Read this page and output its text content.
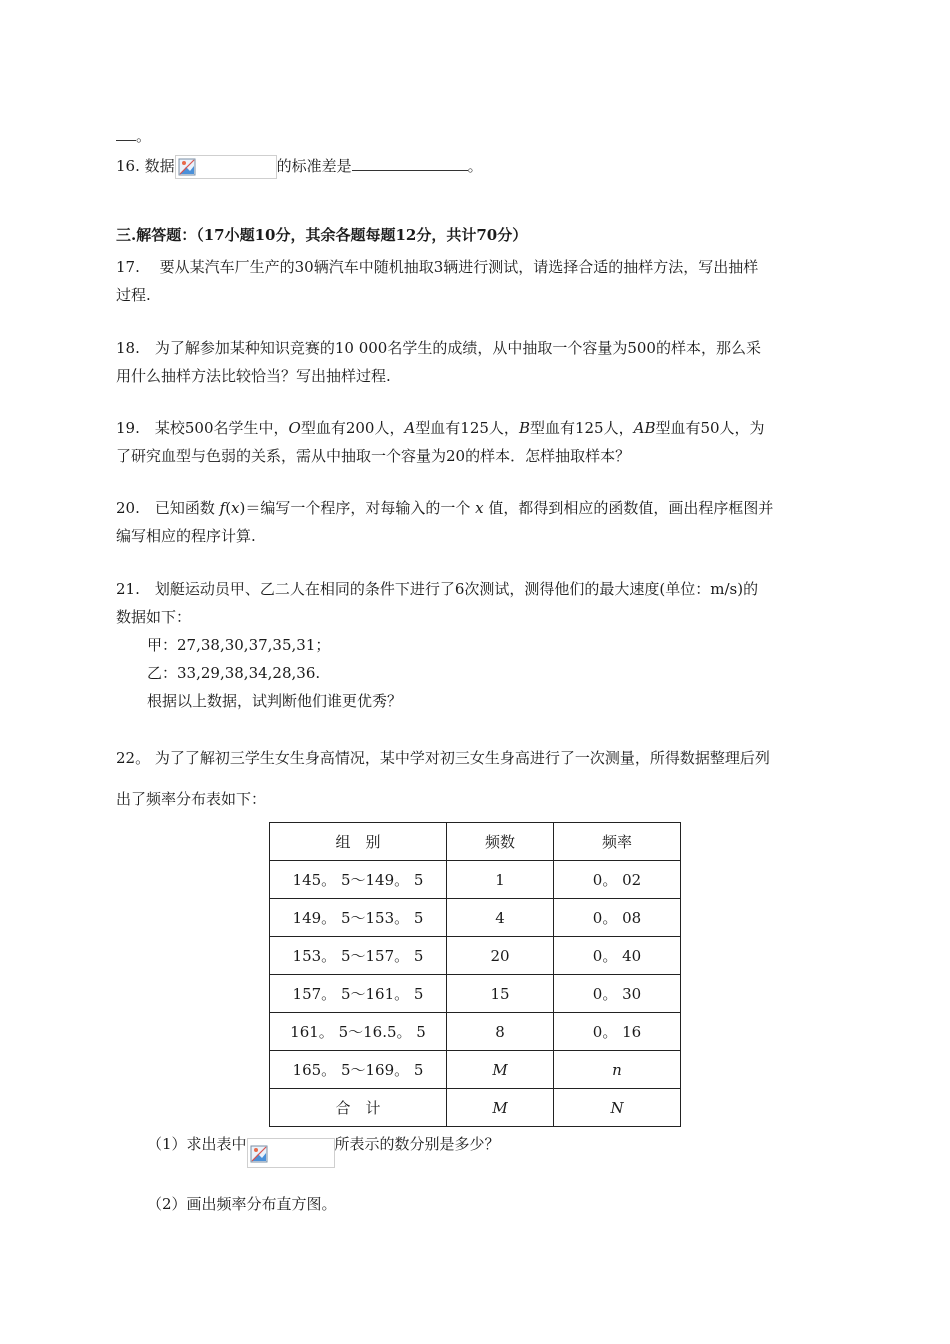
。
16. 数据	的标准差是	。
三.解答题：（17小题10分，其余各题每题12分，共计70分）
17.　 要从某汽车厂生产的30辆汽车中随机抽取3辆进行测试，请选择合适的抽样方法，写出抽样
过程.
18.　为了解参加某种知识竞赛的10 000名学生的成绩，从中抽取一个容量为500的样本，那么采
用什么抽样方法比较恰当？写出抽样过程.
19.　某校500名学生中，O型血有200人，A型血有125人，B型血有125人，AB型血有50人，为
了研究血型与色弱的关系，需从中抽取一个容量为20的样本．怎样抽取样本？
20.　已知函数 f(x)＝编写一个程序，对每输入的一个 x 值，都得到相应的函数值，画出程序框图并
编写相应的程序计算.
21.　划艇运动员甲、乙二人在相同的条件下进行了6次测试，测得他们的最大速度(单位：m/s)的
数据如下：
甲：27,38,30,37,35,31；
乙：33,29,38,34,28,36.
根据以上数据，试判断他们谁更优秀？
22。 为了了解初三学生女生身高情况，某中学对初三女生身高进行了一次测量，所得数据整理后列
出了频率分布表如下：
组　别	频数	频率
145。 5～149。 5	1	0。 02
149。 5～153。 5	4	0。 08
153。 5～157。 5	20	0。 40
157。 5～161。 5	15	0。 30
161。 5～16.5。 5	8	0。 16
165。 5～169。 5	M	n
合　计	M	N
（1）求出表中	所表示的数分别是多少？
（2）画出频率分布直方图。
